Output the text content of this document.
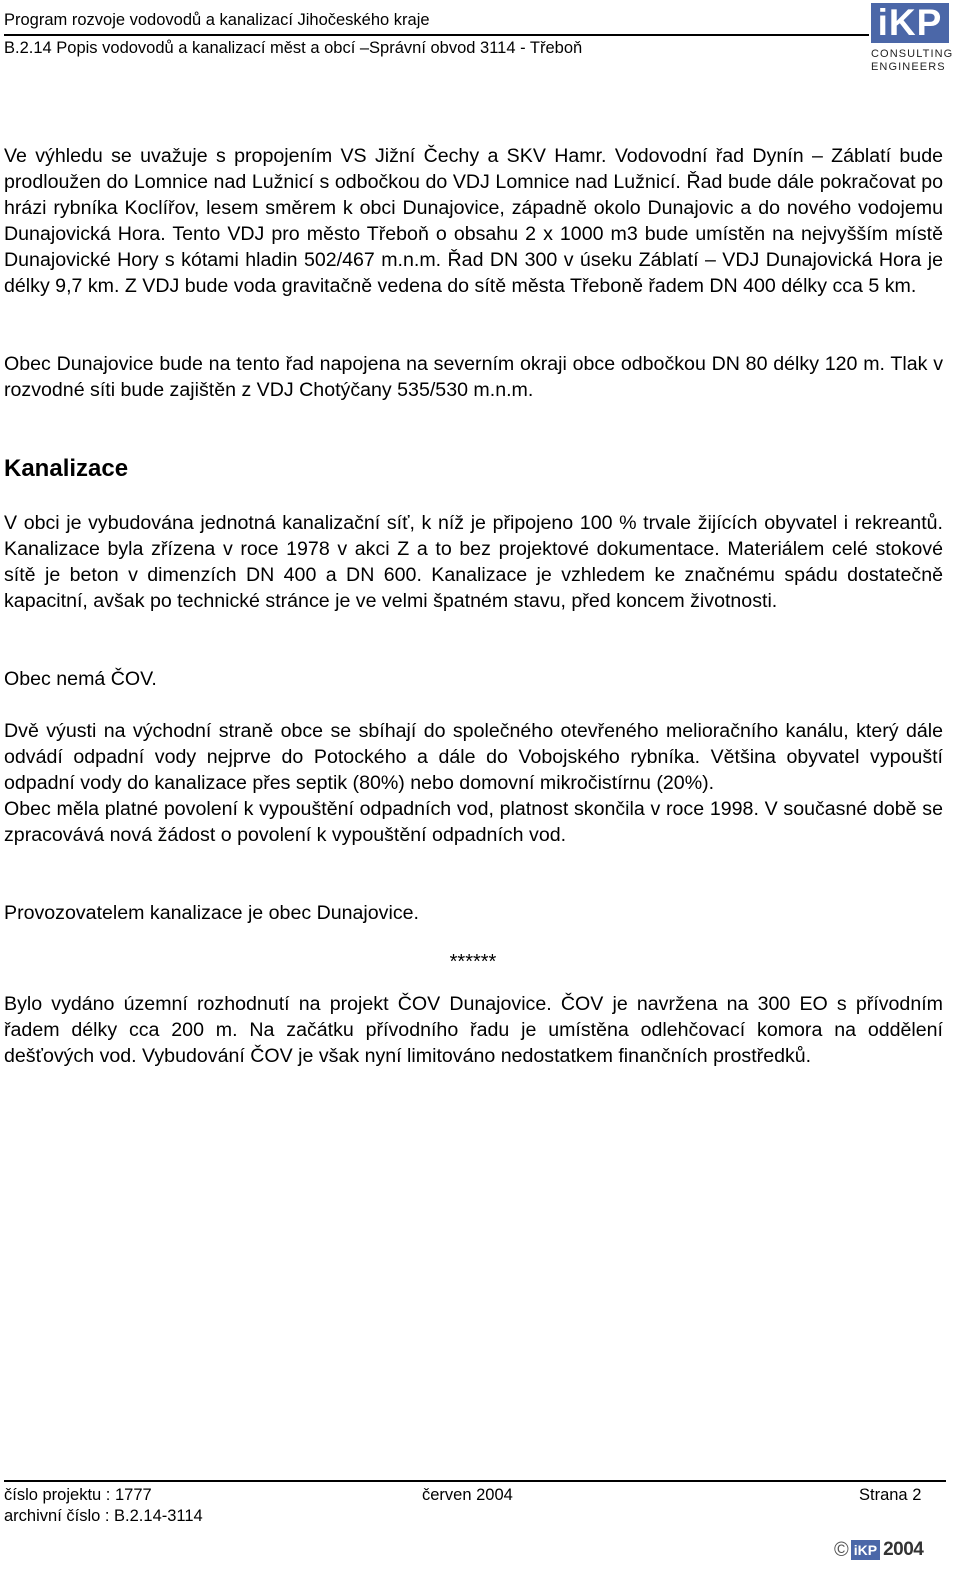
Program rozvoje vodovodů a kanalizací Jihočeského kraje
B.2.14 Popis vodovodů a kanalizací měst a obcí –Správní obvod 3114 - Třeboň
iKP
CONSULTING
ENGINEERS

Ve výhledu se uvažuje s propojením VS Jižní Čechy a SKV Hamr. Vodovodní řad Dynín – Záblatí bude prodloužen do Lomnice nad Lužnicí s odbočkou do VDJ Lomnice nad Lužnicí. Řad bude dále pokračovat po hrázi rybníka Koclířov, lesem směrem k obci Dunajovice, západně okolo Dunajovic a do nového vodojemu Dunajovická Hora. Tento VDJ pro město Třeboň o obsahu 2 x 1000 m3 bude umístěn na nejvyšším místě Dunajovické Hory s kótami hladin 502/467 m.n.m. Řad DN 300 v úseku Záblatí – VDJ Dunajovická Hora je délky 9,7 km. Z VDJ bude voda gravitačně vedena do sítě města Třeboně řadem DN 400 délky cca 5 km.

Obec Dunajovice bude na tento řad napojena na severním okraji obce odbočkou DN 80 délky 120 m. Tlak v rozvodné síti bude zajištěn z VDJ Chotýčany 535/530 m.n.m.

Kanalizace

V obci je vybudována jednotná kanalizační síť, k níž je připojeno 100 % trvale žijících obyvatel i rekreantů. Kanalizace byla zřízena v roce 1978 v akci Z a to bez projektové dokumentace. Materiálem celé stokové sítě je beton v dimenzích DN 400 a DN 600. Kanalizace je vzhledem ke značnému spádu dostatečně kapacitní, avšak po technické stránce je ve velmi špatném stavu, před koncem životnosti.

Obec nemá ČOV.

Dvě výusti na východní straně obce se sbíhají do společného otevřeného melioračního kanálu, který dále odvádí odpadní vody nejprve do Potockého a dále do Vobojského rybníka. Většina obyvatel vypouští odpadní vody do kanalizace přes septik (80%) nebo domovní mikročistírnu (20%).

Obec měla platné povolení k vypouštění odpadních vod, platnost skončila v roce 1998. V současné době se zpracovává nová žádost o povolení k vypouštění odpadních vod.

Provozovatelem kanalizace je obec Dunajovice.

******

Bylo vydáno územní rozhodnutí na projekt ČOV Dunajovice. ČOV je navržena na 300 EO s přívodním řadem délky cca 200 m. Na začátku přívodního řadu je umístěna odlehčovací komora na oddělení dešťových vod. Vybudování ČOV je však nyní limitováno nedostatkem finančních prostředků.

číslo projektu : 1777
archivní číslo : B.2.14-3114
červen 2004	Strana 2
© iKP 2004
